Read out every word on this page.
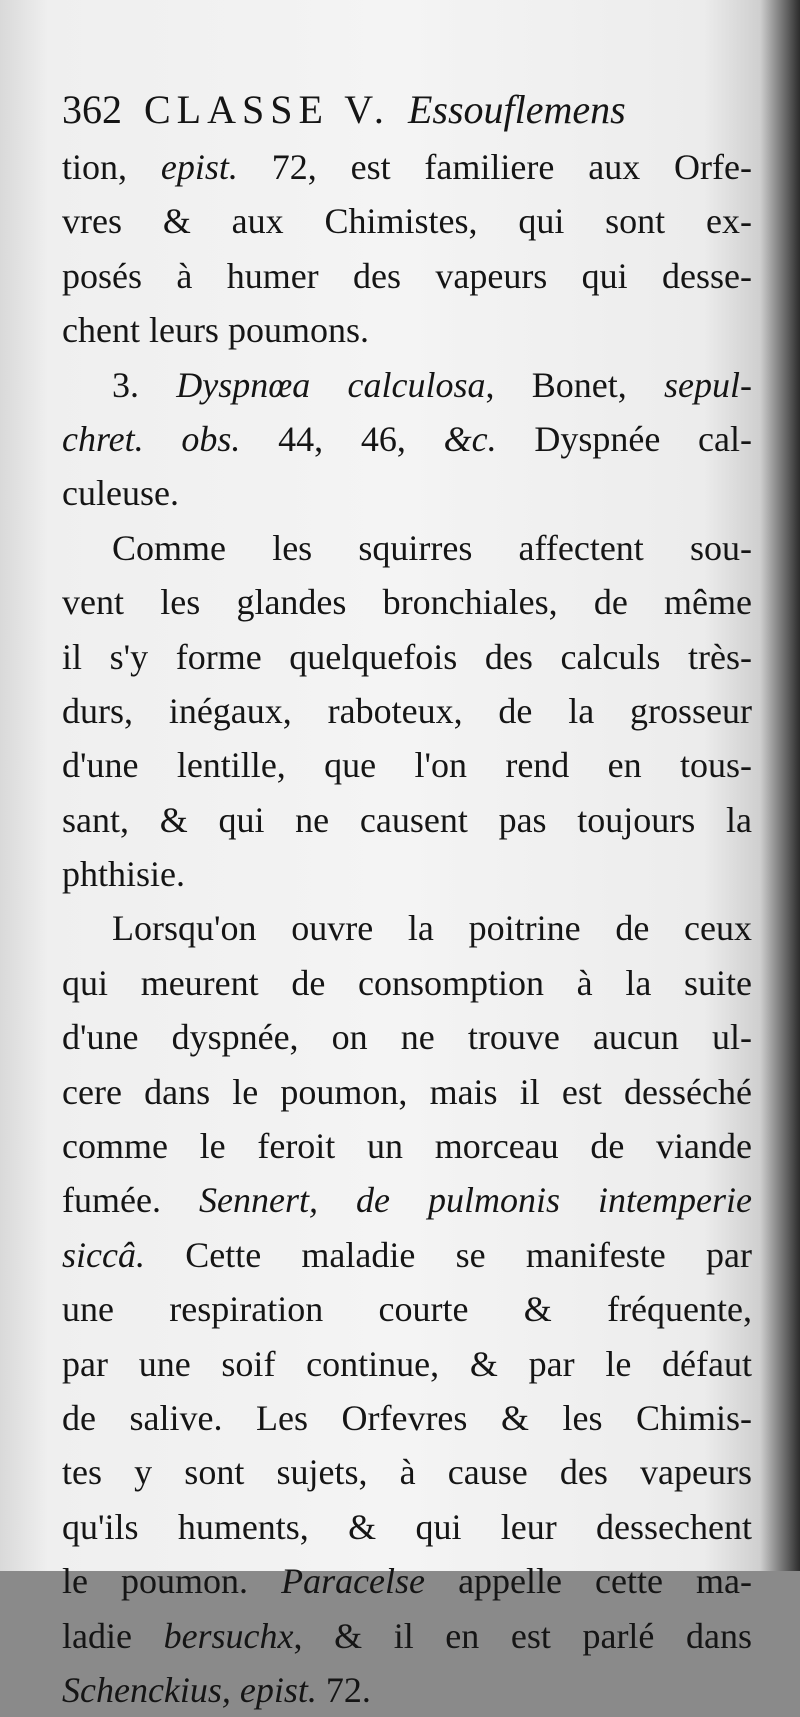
362 CLASSE V. Essouflemens
tion, epist. 72, est familiere aux Orfe-
vres & aux Chimistes, qui sont ex-
posés à humer des vapeurs qui desse-
chent leurs poumons.
3. Dyspnœa calculosa, Bonet, sepul-
chret. obs. 44, 46, &c. Dyspnée cal-
culeuse.
Comme les squirres affectent sou-
vent les glandes bronchiales, de même
il s'y forme quelquefois des calculs très-
durs, inégaux, raboteux, de la grosseur
d'une lentille, que l'on rend en tous-
sant, & qui ne causent pas toujours la
phthisie.
Lorsqu'on ouvre la poitrine de ceux
qui meurent de consomption à la suite
d'une dyspnée, on ne trouve aucun ul-
cere dans le poumon, mais il est desséché
comme le feroit un morceau de viande
fumée. Sennert, de pulmonis intemperie
siccâ. Cette maladie se manifeste par
une respiration courte & fréquente,
par une soif continue, & par le défaut
de salive. Les Orfevres & les Chimis-
tes y sont sujets, à cause des vapeurs
qu'ils huments, & qui leur dessechent
le poumon. Paracelse appelle cette ma-
ladie bersuchx, & il en est parlé dans
Schenckius, epist. 72.
